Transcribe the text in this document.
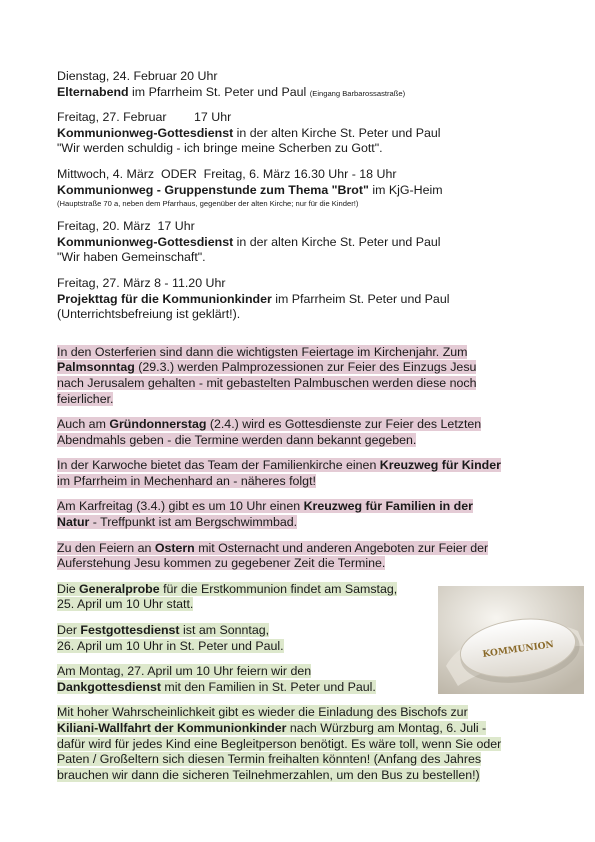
Dienstag, 24. Februar 20 Uhr
Elternabend im Pfarrheim St. Peter und Paul (Eingang Barbarossastraße)
Freitag, 27. Februar        17 Uhr
Kommunionweg-Gottesdienst in der alten Kirche St. Peter und Paul
"Wir werden schuldig - ich bringe meine Scherben zu Gott".
Mittwoch, 4. März  ODER  Freitag, 6. März 16.30 Uhr - 18 Uhr
Kommunionweg - Gruppenstunde zum Thema "Brot" im KjG-Heim
(Hauptstraße 70 a, neben dem Pfarrhaus, gegenüber der alten Kirche; nur für die Kinder!)
Freitag, 20. März  17 Uhr
Kommunionweg-Gottesdienst in der alten Kirche St. Peter und Paul
"Wir haben Gemeinschaft".
Freitag, 27. März 8 - 11.20 Uhr
Projekttag für die Kommunionkinder im Pfarrheim St. Peter und Paul
(Unterrichtsbefreiung ist geklärt!).
In den Osterferien sind dann die wichtigsten Feiertage im Kirchenjahr. Zum
Palmsonntag (29.3.) werden Palmprozessionen zur Feier des Einzugs Jesu
nach Jerusalem gehalten - mit gebastelten Palmbuschen werden diese noch
feierlicher.
Auch am Gründonnerstag (2.4.) wird es Gottesdienste zur Feier des Letzten
Abendmahls geben - die Termine werden dann bekannt gegeben.
In der Karwoche bietet das Team der Familienkirche einen Kreuzweg für Kinder
im Pfarrheim in Mechenhard an - näheres folgt!
Am Karfreitag (3.4.) gibt es um 10 Uhr einen Kreuzweg für Familien in der
Natur - Treffpunkt ist am Bergschwimmbad.
Zu den Feiern an Ostern mit Osternacht und anderen Angeboten zur Feier der
Auferstehung Jesu kommen zu gegebener Zeit die Termine.
Die Generalprobe für die Erstkommunion findet am Samstag,
25. April um 10 Uhr statt.
Der Festgottesdienst ist am Sonntag,
26. April um 10 Uhr in St. Peter und Paul.
Am Montag, 27. April um 10 Uhr feiern wir den
Dankgottesdienst mit den Familien in St. Peter und Paul.
Mit hoher Wahrscheinlichkeit gibt es wieder die Einladung des Bischofs zur
Kiliani-Wallfahrt der Kommunionkinder nach Würzburg am Montag, 6. Juli -
dafür wird für jedes Kind eine Begleitperson benötigt. Es wäre toll, wenn Sie oder
Paten / Großeltern sich diesen Termin freihalten könnten! (Anfang des Jahres
brauchen wir dann die sicheren Teilnehmerzahlen, um den Bus zu bestellen!)
KOMMUNION
